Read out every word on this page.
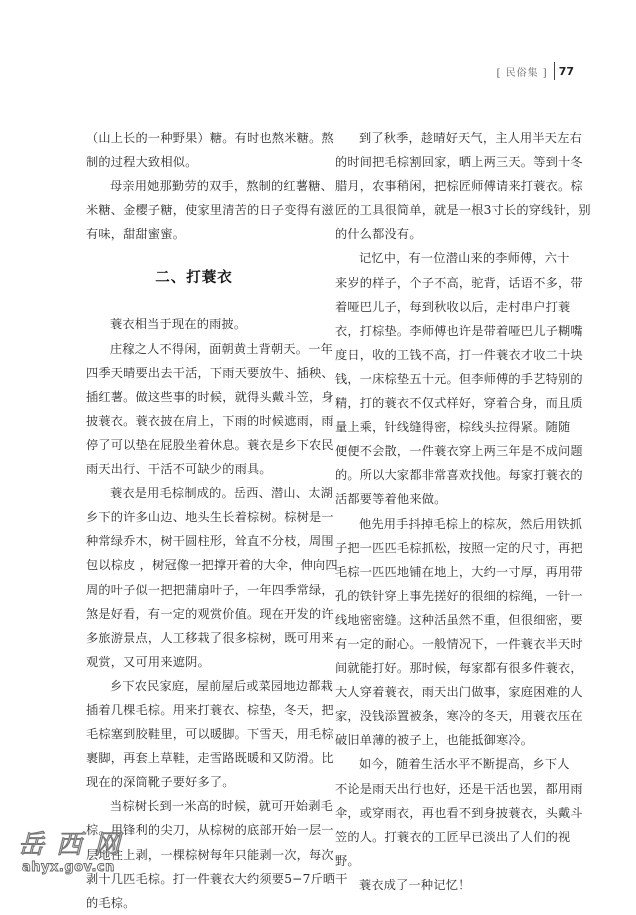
[ 民俗集 ] 77
（山上长的一种野果）糖。有时也熬米糖。熬
制的过程大致相似。
母亲用她那勤劳的双手，熬制的红薯糖、
米糖、金樱子糖，使家里清苦的日子变得有滋
有味，甜甜蜜蜜。
二、打蓑衣
蓑衣相当于现在的雨披。
庄稼之人不得闲，面朝黄土背朝天。一年
四季天晴要出去干活，下雨天要放牛、插秧、
插红薯。做这些事的时候，就得头戴斗笠，身
披蓑衣。蓑衣披在肩上，下雨的时候遮雨，雨
停了可以垫在屁股坐着休息。蓑衣是乡下农民
雨天出行、干活不可缺少的雨具。
蓑衣是用毛棕制成的。岳西、潜山、太湖
乡下的许多山边、地头生长着棕树。棕树是一
种常绿乔木，树干圆柱形，耸直不分枝，周围
包以棕皮 ，树冠像一把撑开着的大伞，伸向四
周的叶子似一把把蒲扇叶子，一年四季常绿，
煞是好看，有一定的观赏价值。现在开发的许
多旅游景点，人工移栽了很多棕树，既可用来
观赏，又可用来遮阴。
乡下农民家庭，屋前屋后或菜园地边都栽
插着几棵毛棕。用来打蓑衣、棕垫，冬天，把
毛棕塞到胶鞋里，可以暖脚。下雪天，用毛棕
裹脚，再套上草鞋，走雪路既暖和又防滑。比
现在的深筒靴子要好多了。
当棕树长到一米高的时候，就可开始剥毛
棕。用锋利的尖刀，从棕树的底部开始一层一
层地往上剥，一棵棕树每年只能剥一次，每次
剥十几匹毛棕。打一件蓑衣大约须要5−7斤晒干
的毛棕。
到了秋季，趁晴好天气，主人用半天左右
的时间把毛棕割回家，晒上两三天。等到十冬
腊月，农事稍闲，把棕匠师傅请来打蓑衣。棕
匠的工具很简单，就是一根3寸长的穿线针，别
的什么都没有。
记忆中，有一位潜山来的李师傅，六十
来岁的样子，个子不高，驼背，话语不多，带
着哑巴儿子，每到秋收以后，走村串户打蓑
衣，打棕垫。李师傅也许是带着哑巴儿子糊嘴
度日，收的工钱不高，打一件蓑衣才收二十块
钱，一床棕垫五十元。但李师傅的手艺特别的
精，打的蓑衣不仅式样好，穿着合身，而且质
量上乘，针线缝得密，棕线头拉得紧。随随
便便不会散，一件蓑衣穿上两三年是不成问题
的。所以大家都非常喜欢找他。每家打蓑衣的
活都要等着他来做。
他先用手抖掉毛棕上的棕灰，然后用铁抓
子把一匹匹毛棕抓松，按照一定的尺寸，再把
毛棕一匹匹地铺在地上，大约一寸厚，再用带
孔的铁针穿上事先搓好的很细的棕绳，一针一
线地密密缝。这种活虽然不重，但很细密，要
有一定的耐心。一般情况下，一件蓑衣半天时
间就能打好。那时候，每家都有很多件蓑衣，
大人穿着蓑衣，雨天出门做事，家庭困难的人
家，没钱添置被条，寒冷的冬天，用蓑衣压在
破旧单薄的被子上，也能抵御寒冷。
如今，随着生活水平不断提高，乡下人
不论是雨天出行也好，还是干活也罢，都用雨
伞，或穿雨衣，再也看不到身披蓑衣，头戴斗
笠的人。打蓑衣的工匠早已淡出了人们的视
野。
蓑衣成了一种记忆！
岳西网
ahyx.gov.cn
